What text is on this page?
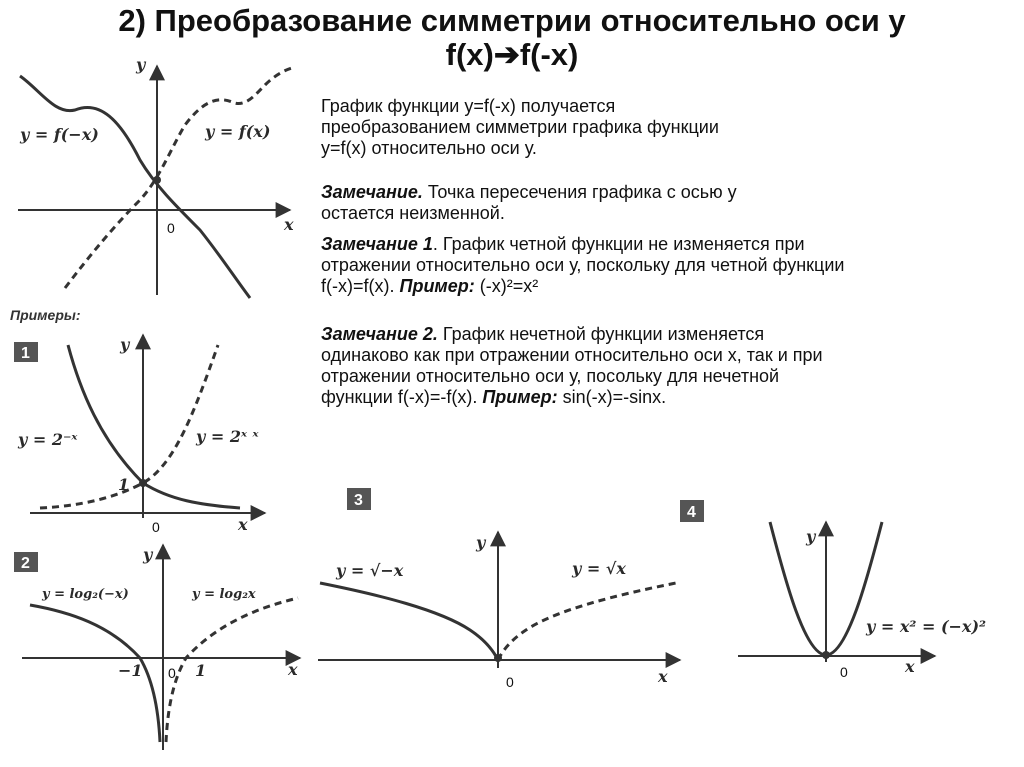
2) Преобразование симметрии относительно оси у
f(x)➔f(-x)
График функции у=f(-x) получается
преобразованием симметрии графика функции
у=f(x) относительно оси у.
Замечание. Точка пересечения графика с осью у
остается неизменной.
Замечание 1. График четной функции не изменяется при
отражении относительно оси у, поскольку для четной функции
f(-x)=f(x). Пример: (-x)²=x²
Замечание 2. График нечетной функции изменяется
одинаково как при отражении относительно оси x, так и при
отражении относительно оси у, посольку для нечетной
функции f(-x)=-f(x). Пример: sin(-x)=-sinx.
y
x
0
y = f(−x)	y = f(x)
Примеры:
1	y
x
0
1
y = 2⁻ˣ	y = 2ˣ ˣ
2	y
x
0
−1	1
y = log₂(−x)	y = log₂x
3
y
x
0
y = √−x	y = √x
4
y
x
0
y = x² = (−x)²
